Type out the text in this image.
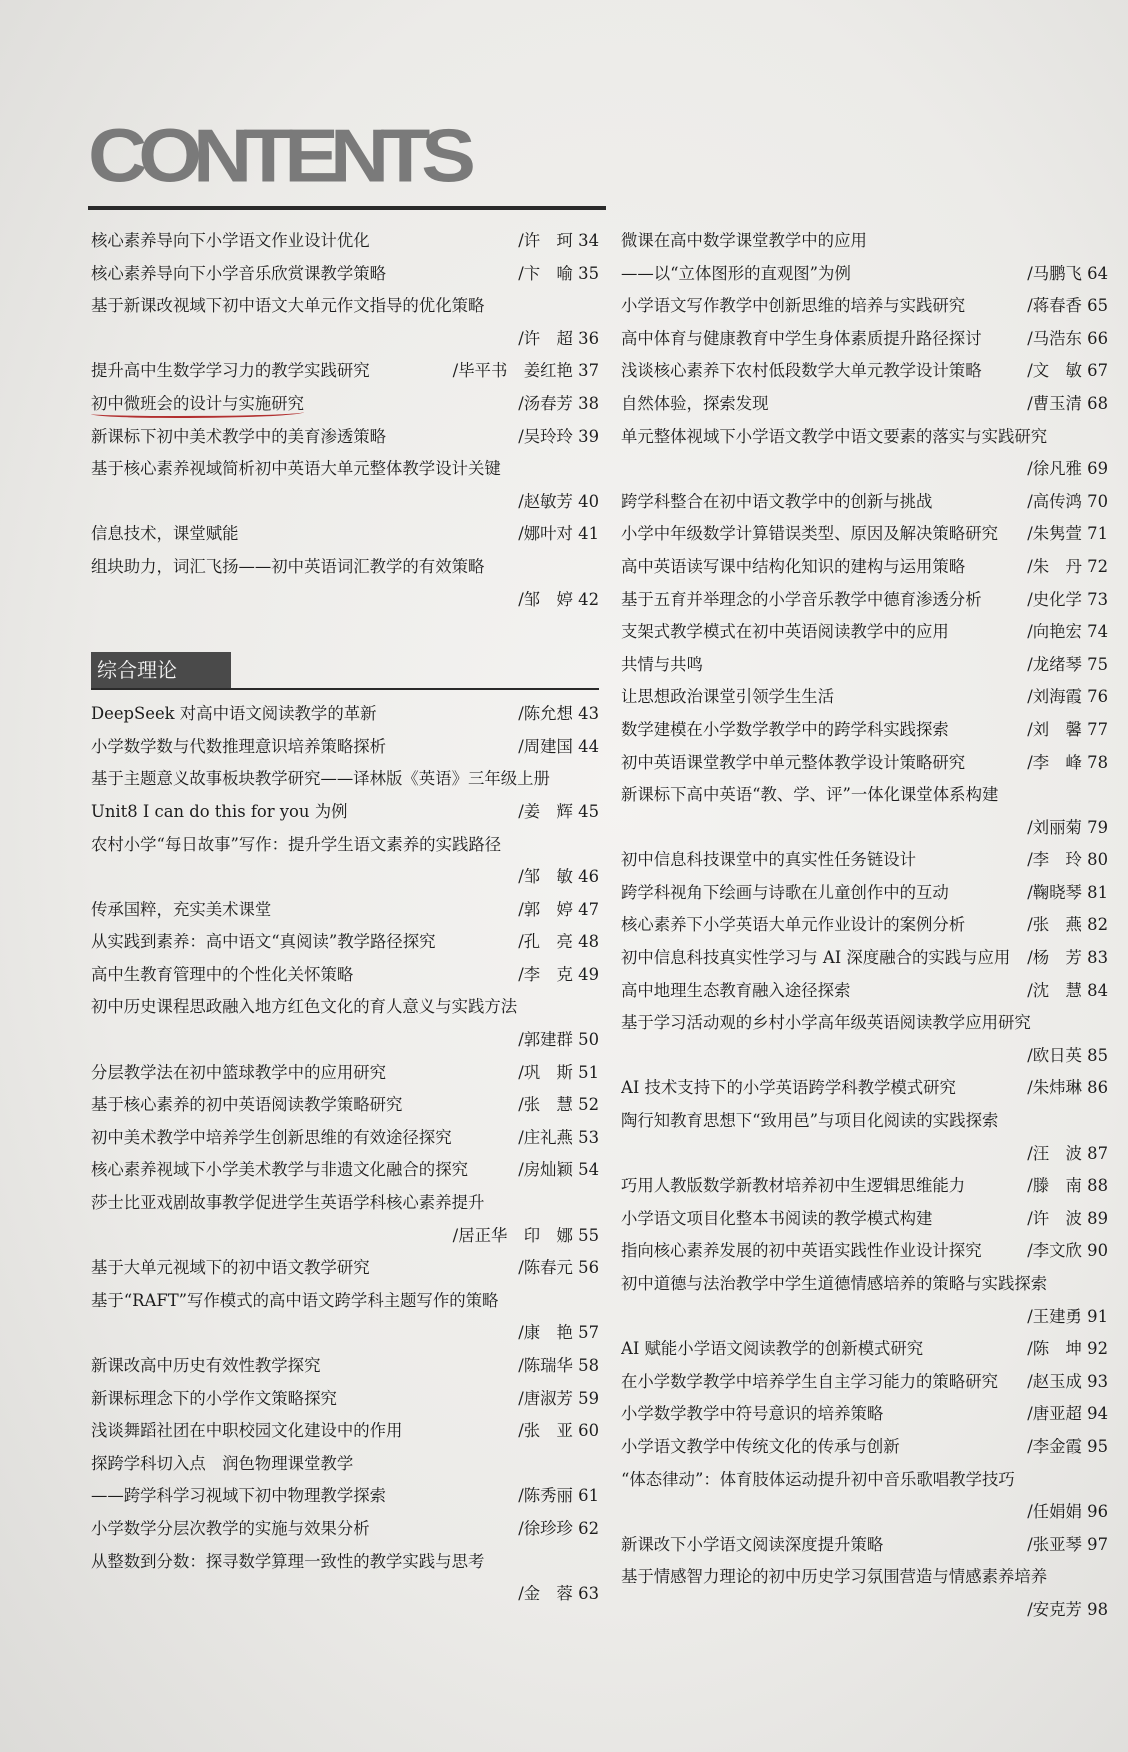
CONTENTS
核心素养导向下小学语文作业设计优化	/许　珂 34
核心素养导向下小学音乐欣赏课教学策略	/卞　喻 35
基于新课改视域下初中语文大单元作文指导的优化策略
/许　超 36
提升高中生数学学习力的教学实践研究	/毕平书　姜红艳 37
初中微班会的设计与实施研究	/汤春芳 38
新课标下初中美术教学中的美育渗透策略	/吴玲玲 39
基于核心素养视域简析初中英语大单元整体教学设计关键
/赵敏芳 40
信息技术，课堂赋能	/娜叶对 41
组块助力，词汇飞扬——初中英语词汇教学的有效策略
/邹　婷 42
综合理论
DeepSeek 对高中语文阅读教学的革新	/陈允想 43
小学数学数与代数推理意识培养策略探析	/周建国 44
基于主题意义故事板块教学研究——译林版《英语》三年级上册
Unit8 I can do this for you 为例	/姜　辉 45
农村小学“每日故事”写作：提升学生语文素养的实践路径
/邹　敏 46
传承国粹，充实美术课堂	/郭　婷 47
从实践到素养：高中语文“真阅读”教学路径探究	/孔　亮 48
高中生教育管理中的个性化关怀策略	/李　克 49
初中历史课程思政融入地方红色文化的育人意义与实践方法
/郭建群 50
分层教学法在初中篮球教学中的应用研究	/巩　斯 51
基于核心素养的初中英语阅读教学策略研究	/张　慧 52
初中美术教学中培养学生创新思维的有效途径探究	/庄礼燕 53
核心素养视域下小学美术教学与非遗文化融合的探究	/房灿颖 54
莎士比亚戏剧故事教学促进学生英语学科核心素养提升
/居正华　印　娜 55
基于大单元视域下的初中语文教学研究	/陈春元 56
基于“RAFT”写作模式的高中语文跨学科主题写作的策略
/康　艳 57
新课改高中历史有效性教学探究	/陈瑞华 58
新课标理念下的小学作文策略探究	/唐淑芳 59
浅谈舞蹈社团在中职校园文化建设中的作用	/张　亚 60
探跨学科切入点　润色物理课堂教学
——跨学科学习视域下初中物理教学探索	/陈秀丽 61
小学数学分层次教学的实施与效果分析	/徐珍珍 62
从整数到分数：探寻数学算理一致性的教学实践与思考
/金　蓉 63
微课在高中数学课堂教学中的应用
——以“立体图形的直观图”为例	/马鹏飞 64
小学语文写作教学中创新思维的培养与实践研究	/蒋春香 65
高中体育与健康教育中学生身体素质提升路径探讨	/马浩东 66
浅谈核心素养下农村低段数学大单元教学设计策略	/文　敏 67
自然体验，探索发现	/曹玉清 68
单元整体视域下小学语文教学中语文要素的落实与实践研究
/徐凡雅 69
跨学科整合在初中语文教学中的创新与挑战	/高传鸿 70
小学中年级数学计算错误类型、原因及解决策略研究	/朱隽萱 71
高中英语读写课中结构化知识的建构与运用策略	/朱　丹 72
基于五育并举理念的小学音乐教学中德育渗透分析	/史化学 73
支架式教学模式在初中英语阅读教学中的应用	/向艳宏 74
共情与共鸣	/龙绪琴 75
让思想政治课堂引领学生生活	/刘海霞 76
数学建模在小学数学教学中的跨学科实践探索	/刘　馨 77
初中英语课堂教学中单元整体教学设计策略研究	/李　峰 78
新课标下高中英语“教、学、评”一体化课堂体系构建
/刘丽菊 79
初中信息科技课堂中的真实性任务链设计	/李　玲 80
跨学科视角下绘画与诗歌在儿童创作中的互动	/鞠晓琴 81
核心素养下小学英语大单元作业设计的案例分析	/张　燕 82
初中信息科技真实性学习与 AI 深度融合的实践与应用	/杨　芳 83
高中地理生态教育融入途径探索	/沈　慧 84
基于学习活动观的乡村小学高年级英语阅读教学应用研究
/欧日英 85
AI 技术支持下的小学英语跨学科教学模式研究	/朱炜琳 86
陶行知教育思想下“致用邑”与项目化阅读的实践探索
/汪　波 87
巧用人教版数学新教材培养初中生逻辑思维能力	/滕　南 88
小学语文项目化整本书阅读的教学模式构建	/许　波 89
指向核心素养发展的初中英语实践性作业设计探究	/李文欣 90
初中道德与法治教学中学生道德情感培养的策略与实践探索
/王建勇 91
AI 赋能小学语文阅读教学的创新模式研究	/陈　坤 92
在小学数学教学中培养学生自主学习能力的策略研究	/赵玉成 93
小学数学教学中符号意识的培养策略	/唐亚超 94
小学语文教学中传统文化的传承与创新	/李金霞 95
“体态律动”：体育肢体运动提升初中音乐歌唱教学技巧
/任娟娟 96
新课改下小学语文阅读深度提升策略	/张亚琴 97
基于情感智力理论的初中历史学习氛围营造与情感素养培养
/安克芳 98
